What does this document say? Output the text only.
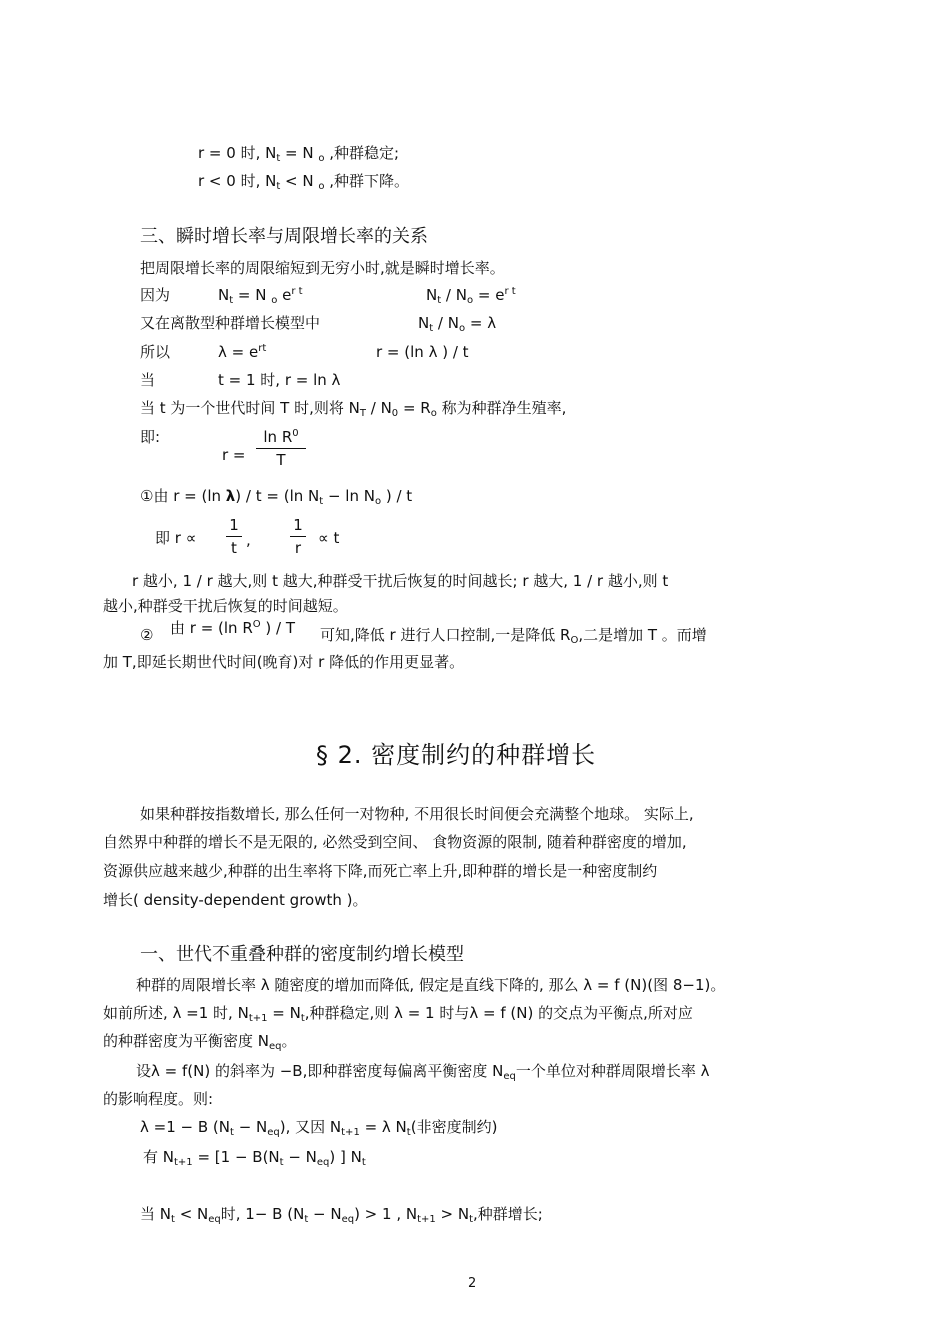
r = 0 时, $N_t = N$ $_o$ ,种群稳定;
r < 0 时, $N_t < N$ $_o$ ,种群下降。
三、瞬时增长率与周限增长率的关系
把周限增长率的周限缩短到无穷小时,就是瞬时增长率。
因为	$N_t = N$ $_o$ $e^{r t}$	$N_t / N_o = e^{r t}$
又在离散型种群增长模型中	$N_t / N_o = \lambda$
所以	$\lambda = e^{rt}$	r = (ln λ ) / t
当	t = 1 时, r = ln λ
当 t 为一个世代时间 T 时,则将 $N_T / N_0 = R_o$ 称为种群净生殖率,
即:
r =
$\ln R^0$
T
①由 r = (ln λ) / t = (ln $N_t - \ln N_o$ ) / t
即 r ∝
1
t ,
1
r
∝ t
r 越小, 1 / r 越大,则 t 越大,种群受干扰后恢复的时间越长; r 越大, 1 / r 越小,则 t
越小,种群受干扰后恢复的时间越短。
② 由 r = (ln $R^O$ ) / T 可知,降低 r 进行人口控制,一是降低 $R_O$,二是增加 T 。而增
加 T,即延长期世代时间(晚育)对 r 降低的作用更显著。
§ 2. 密度制约的种群增长
如果种群按指数增长, 那么任何一对物种, 不用很长时间便会充满整个地球。 实际上,
自然界中种群的增长不是无限的, 必然受到空间、 食物资源的限制, 随着种群密度的增加,
资源供应越来越少,种群的出生率将下降,而死亡率上升,即种群的增长是一种密度制约
增长( density-dependent growth )。
一、世代不重叠种群的密度制约增长模型
种群的周限增长率 λ 随密度的增加而降低, 假定是直线下降的, 那么 λ = f (N)(图 8−1)。
如前所述, λ =1 时, $N_{t+1} = N_t$,种群稳定,则 λ = 1 时与λ = f (N) 的交点为平衡点,所对应
的种群密度为平衡密度 $N_{eq}$。
设λ = f(N) 的斜率为 −B,即种群密度每偏离平衡密度 $N_{eq}$一个单位对种群周限增长率 λ
的影响程度。则:
λ =1 − B $(N_t - N_{eq})$, 又因 $N_{t+1} = \lambda$ $N_t$(非密度制约)
有 $N_{t+1} = [1 - B(N_t - N_{eq})$ ] $N_t$
当 $N_t < N_{eq}$时, 1− B $(N_t - N_{eq}) > 1$ , $N_{t+1} > N_t$,种群增长;
2
